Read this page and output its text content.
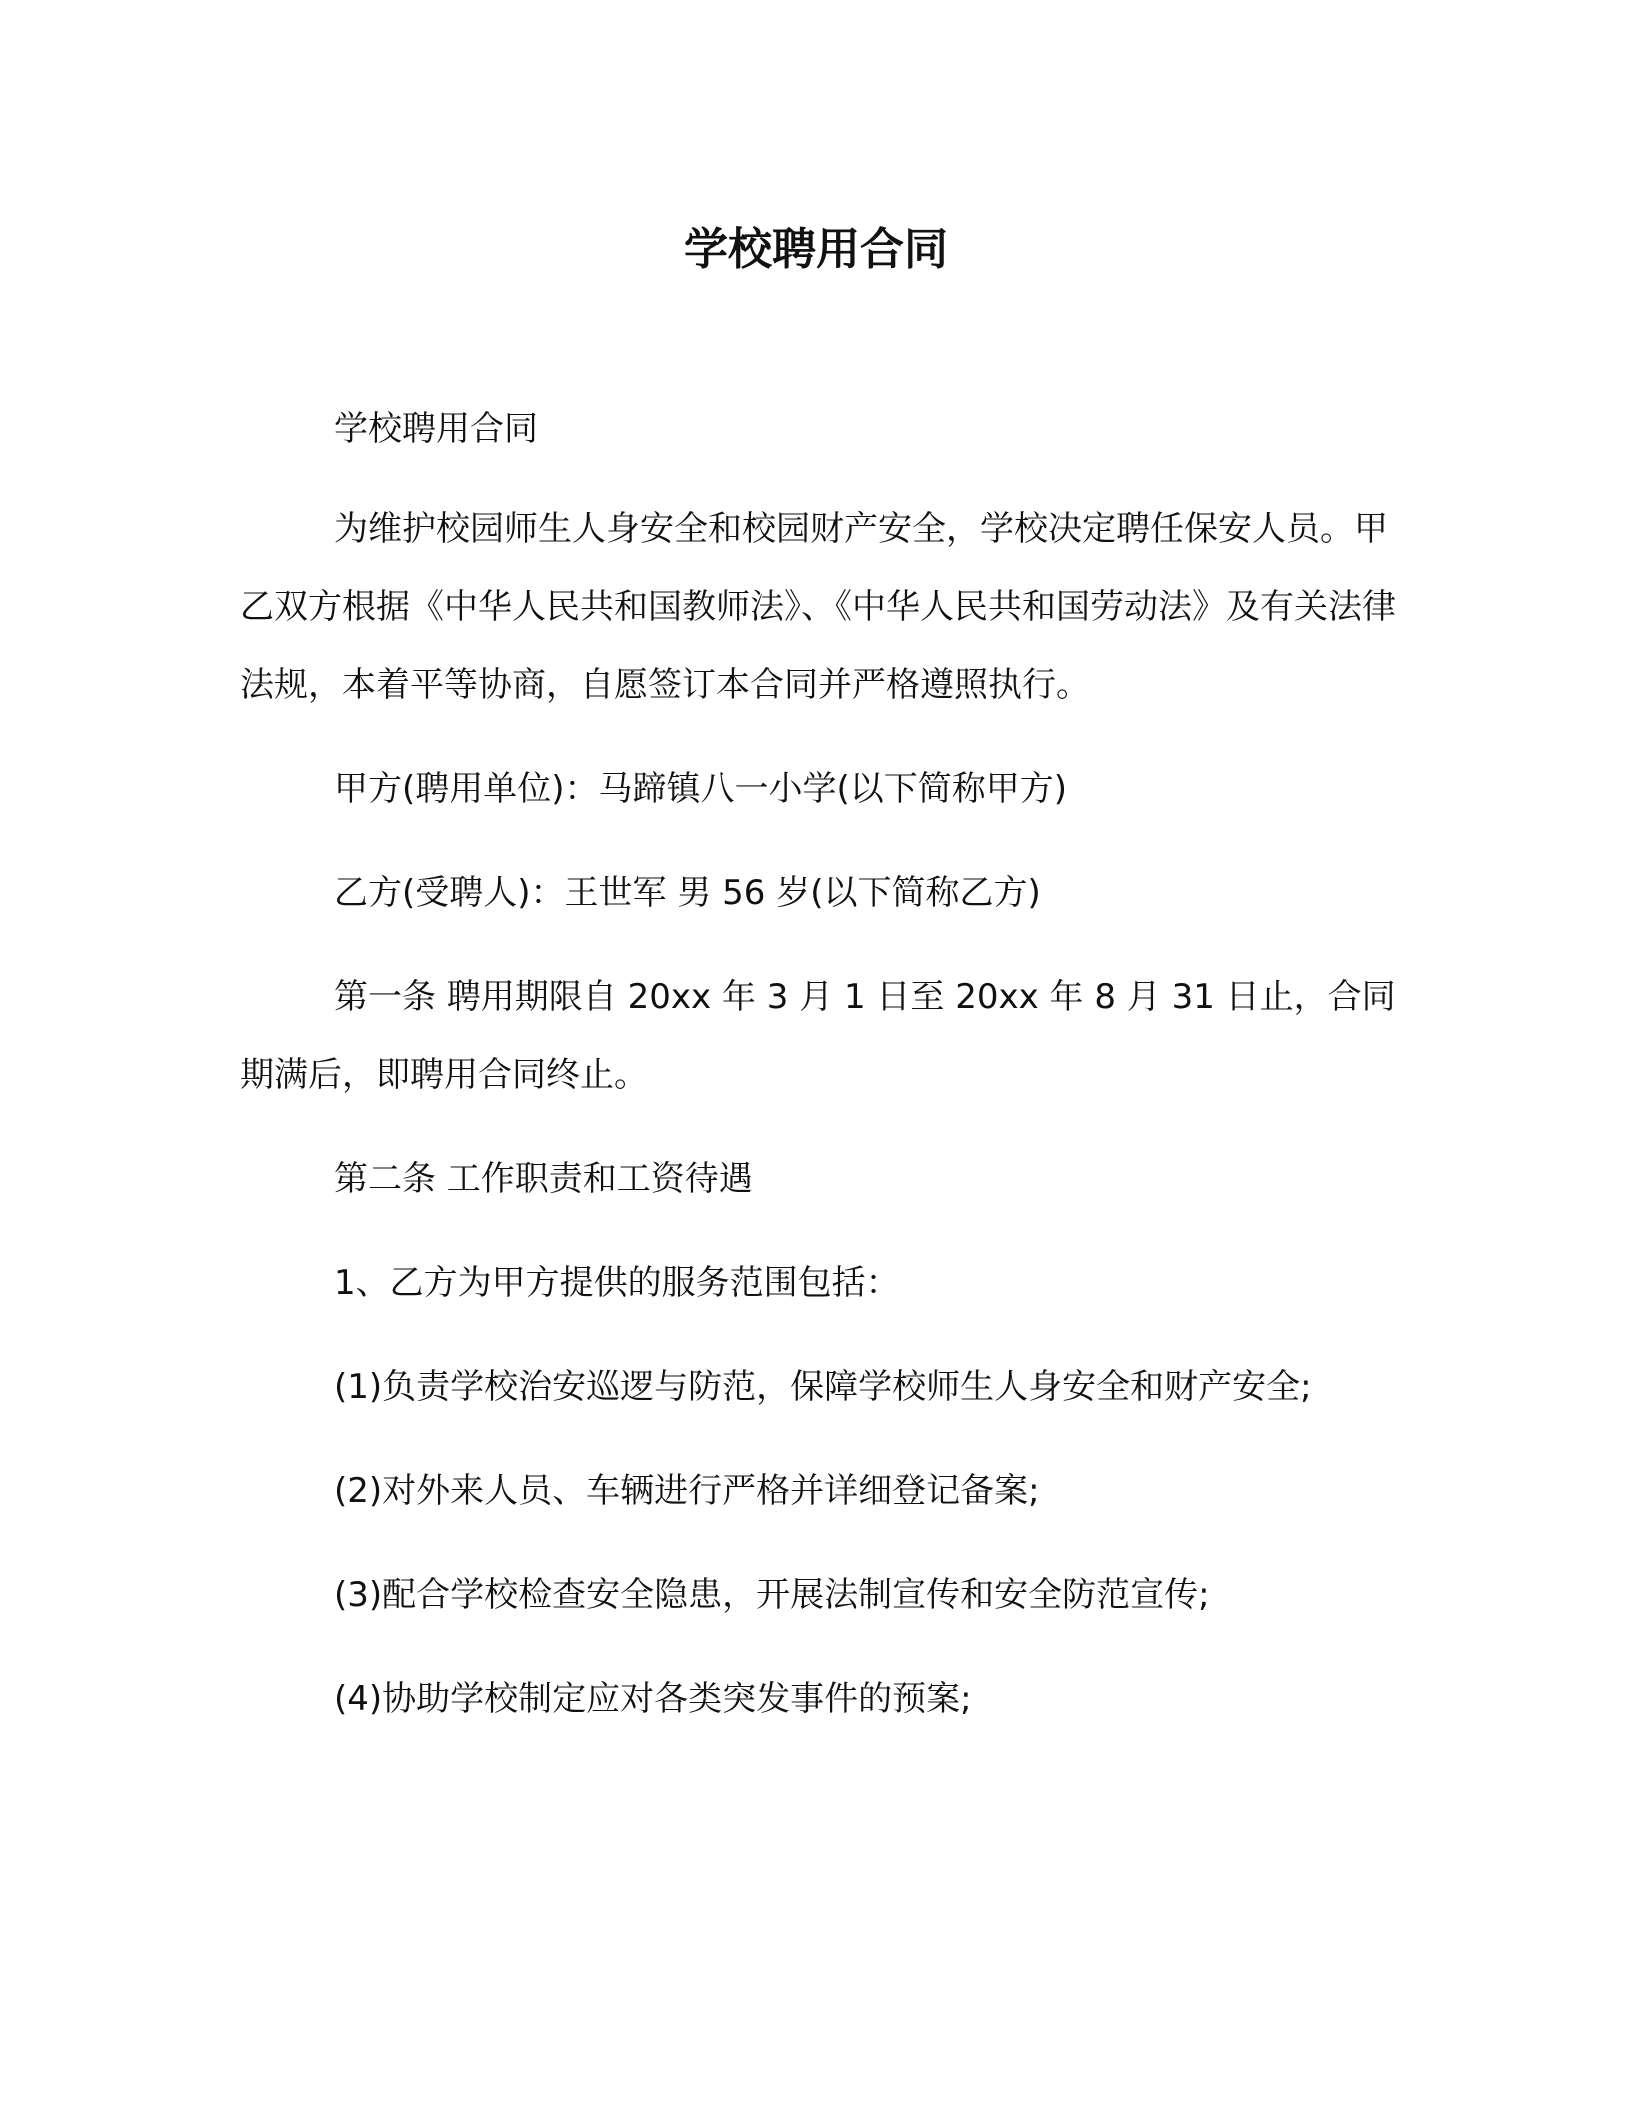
学校聘用合同

学校聘用合同

为维护校园师生人身安全和校园财产安全，学校决定聘任保安人员。甲乙双方根据《中华人民共和国教师法》、《中华人民共和国劳动法》及有关法律法规，本着平等协商，自愿签订本合同并严格遵照执行。

甲方(聘用单位)：马蹄镇八一小学(以下简称甲方)

乙方(受聘人)：王世军 男 56 岁(以下简称乙方)

第一条 聘用期限自 20xx 年 3 月 1 日至 20xx 年 8 月 31 日止，合同期满后，即聘用合同终止。

第二条 工作职责和工资待遇

1、乙方为甲方提供的服务范围包括：

(1)负责学校治安巡逻与防范，保障学校师生人身安全和财产安全;

(2)对外来人员、车辆进行严格并详细登记备案;

(3)配合学校检查安全隐患，开展法制宣传和安全防范宣传;

(4)协助学校制定应对各类突发事件的预案;
